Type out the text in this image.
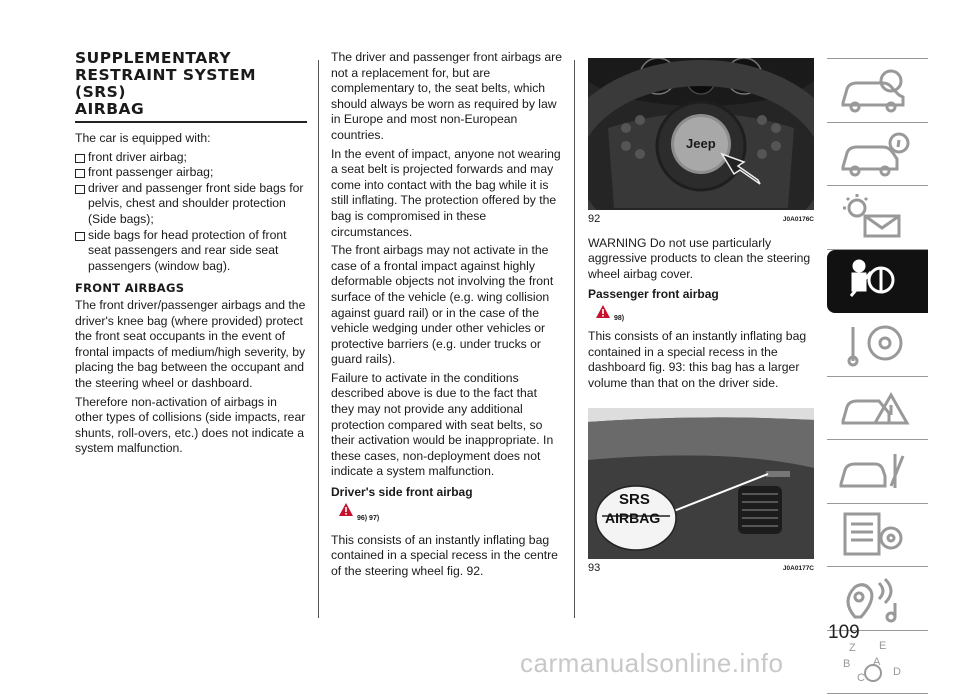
SUPPLEMENTARY
RESTRAINT SYSTEM (SRS)
AIRBAG

The car is equipped with:

front driver airbag;
front passenger airbag;
driver and passenger front side bags for pelvis, chest and shoulder protection (Side bags);
side bags for head protection of front seat passengers and rear side seat passengers (window bag).
FRONT AIRBAGS

The front driver/passenger airbags and the driver's knee bag (where provided) protect the front seat occupants in the event of frontal impacts of medium/high severity, by placing the bag between the occupant and the steering wheel or dashboard.

Therefore non-activation of airbags in other types of collisions (side impacts, rear shunts, roll-overs, etc.) does not indicate a system malfunction.

The driver and passenger front airbags are not a replacement for, but are complementary to, the seat belts, which should always be worn as required by law in Europe and most non-European countries.

In the event of impact, anyone not wearing a seat belt is projected forwards and may come into contact with the bag while it is still inflating. The protection offered by the bag is compromised in these circumstances.

The front airbags may not activate in the case of a frontal impact against highly deformable objects not involving the front surface of the vehicle (e.g. wing collision against guard rail) or in the case of the vehicle wedging under other vehicles or protective barriers (e.g. under trucks or guard rails).

Failure to activate in the conditions described above is due to the fact that they may not provide any additional protection compared with seat belts, so their activation would be inappropriate. In these cases, non-deployment does not indicate a system malfunction.

Driver's side front airbag
96) 97)

This consists of an instantly inflating bag contained in a special recess in the centre of the steering wheel fig. 92.

Jeep
92	J0A0176C

WARNING Do not use particularly aggressive products to clean the steering wheel airbag cover.

Passenger front airbag
98)

This consists of an instantly inflating bag contained in a special recess in the dashboard fig. 93: this bag has a larger volume than that on the driver side.

SRS
AIRBAG
93	J0A0177C
Z E
B A
C	D
109
carmanualsonline.info
